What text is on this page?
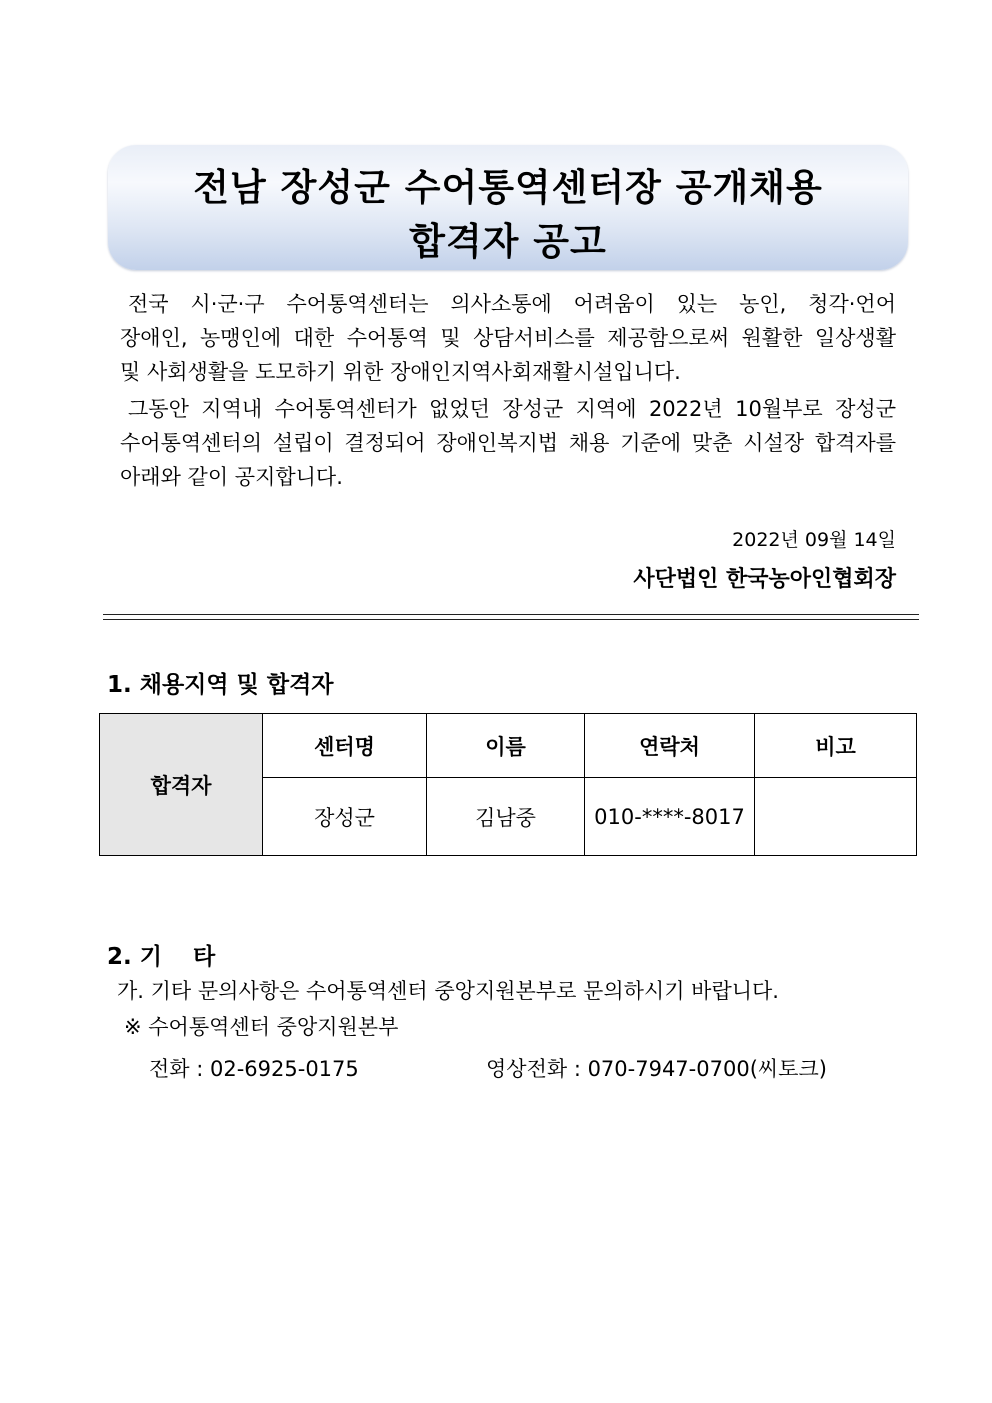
전남 장성군 수어통역센터장 공개채용
합격자 공고

전국 시·군·구 수어통역센터는 의사소통에 어려움이 있는 농인, 청각·언어

장애인, 농맹인에 대한 수어통역 및 상담서비스를 제공함으로써 원활한 일상생활

및 사회생활을 도모하기 위한 장애인지역사회재활시설입니다.

그동안 지역내 수어통역센터가 없었던 장성군 지역에 2022년 10월부로 장성군

수어통역센터의 설립이 결정되어 장애인복지법 채용 기준에 맞춘 시설장 합격자를

아래와 같이 공지합니다.

2022년 09월 14일
사단법인 한국농아인협회장
1. 채용지역 및 합격자
합격자	센터명	이름	연락처	비고
	장성군	김남중	010-****-8017	
2. 기　 타
가. 기타 문의사항은 수어통역센터 중앙지원본부로 문의하시기 바랍니다.
※ 수어통역센터 중앙지원본부
전화 : 02-6925-0175	영상전화 : 070-7947-0700(씨토크)
